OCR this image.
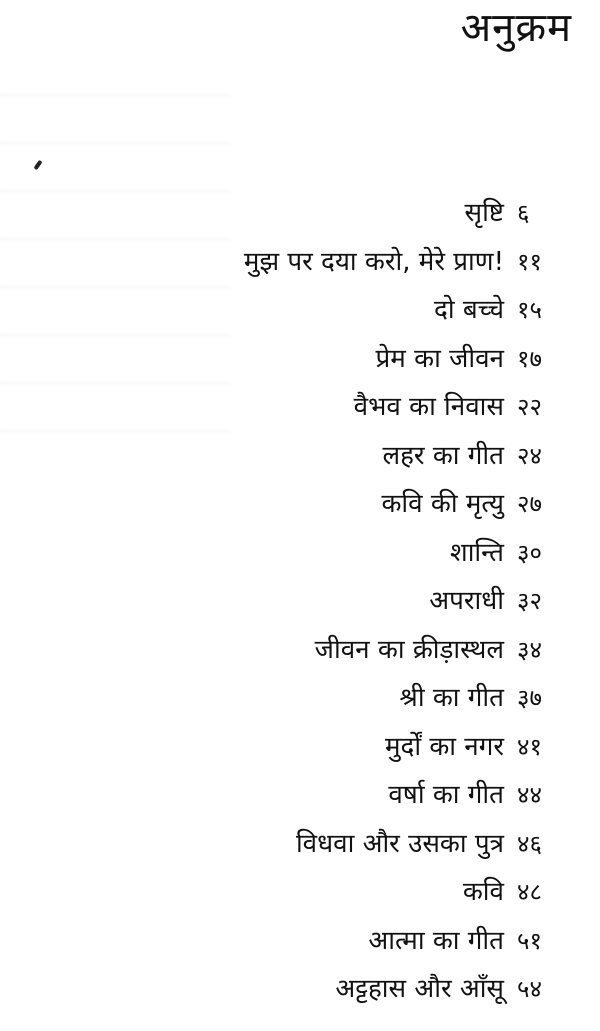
अनुक्रम
सृष्टि ६
मुझ पर दया करो, मेरे प्राण! ११
दो बच्चे १५
प्रेम का जीवन १७
वैभव का निवास २२
लहर का गीत २४
कवि की मृत्यु २७
शान्ति ३०
अपराधी ३२
जीवन का क्रीड़ास्थल ३४
श्री का गीत ३७
मुर्दों का नगर ४१
वर्षा का गीत ४४
विधवा और उसका पुत्र ४६
कवि ४८
आत्मा का गीत ५१
अट्टहास और आँसू ५४
